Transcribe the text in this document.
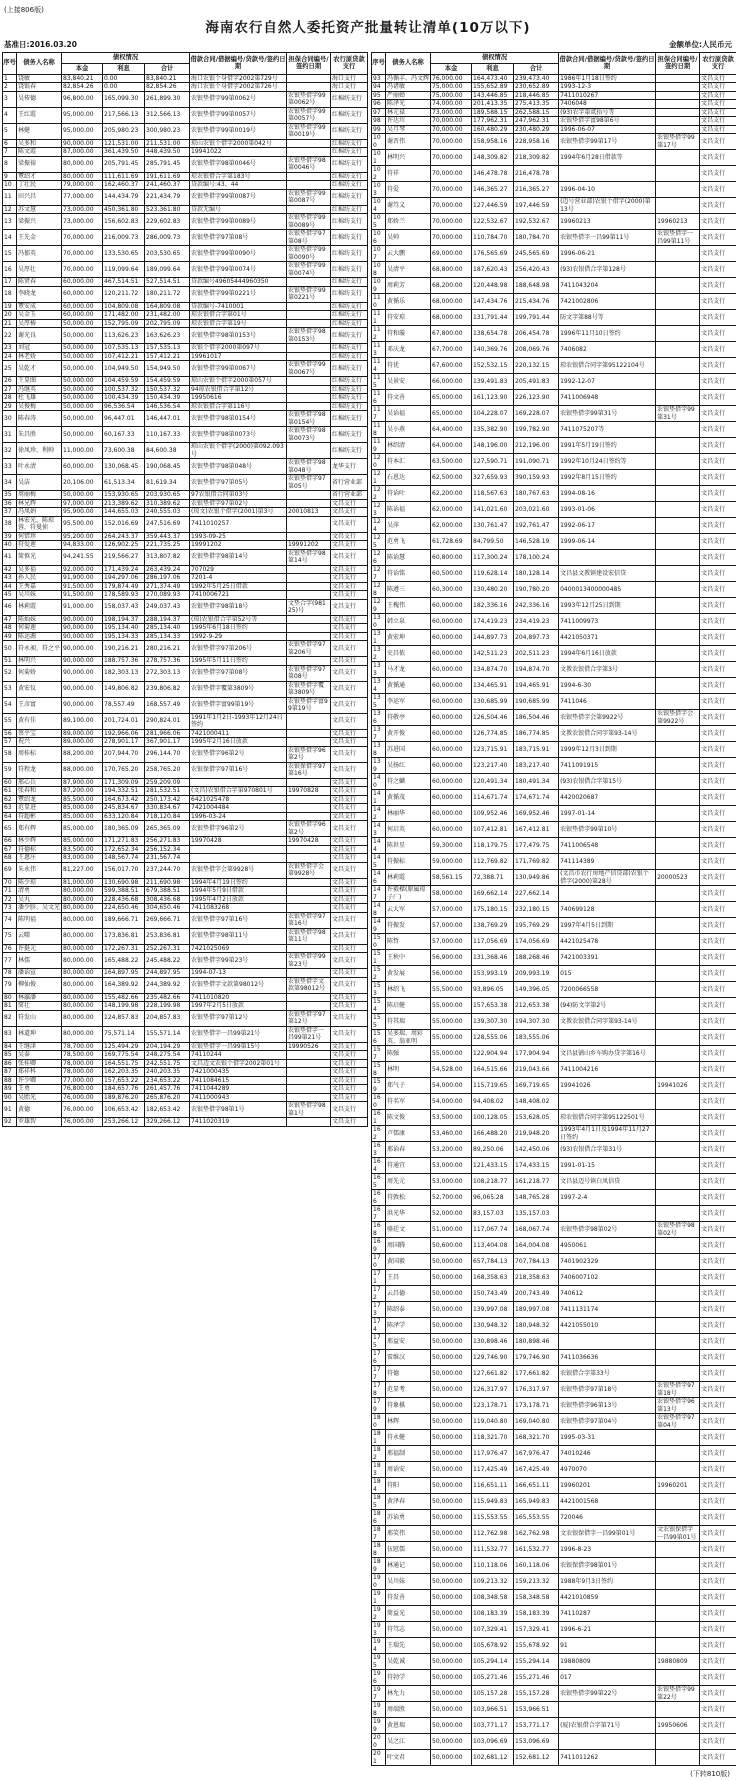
(上接806版)
海南农行自然人委托资产批量转让清单(10万以下)
基准日:2016.03.20	金额单位:人民币元
序号	债务人名称	债权情况			借款合同/借据编号/贷款号/签约日期	担保合同编号/签约日期	农行原贷款支行
		本金	利息	合计			
1	饶敏	83,840.21	0.00	83,840.21	海口农银个身借字2002第729号		海口支行
2	饶银春	82,854.26	0.00	82,854.26	海口农银个身借字2002第726号		海口支行
3	吴传德	96,800.00	165,099.30	261,899.30	农银垫借字99第0062号	农银垫借字99第0062号	红棉纺支行
4	王红霞	95,000.00	217,566.13	312,566.13	农银垫借字99第0057号	农银垫借字99第0057号	红棉纺支行
5	林健	95,000.00	205,980.23	300,980.23	农银垫借字99第0019号	农银垫借字99第0019号	红棉纺支行
6	吴多和	90,000.00	121,531.00	211,531.00	琼山农银个借字2000第042号		红棉纺支行
7	陈文霞	87,000.00	361,439.50	448,439.50	19941022		红棉纺支行
8	梁振裕	80,000.00	205,791.45	285,791.45	农银垫借字98第0046号	农银垫借字98第0046号	红棉纺支行
9	覃绍才	80,000.00	111,611.69	191,611.69	琼农银借合字第183号		红棉纺支行
10	丁壮民	79,000.00	162,460.37	241,460.37	贷款编号:43、44		红棉纺支行
11	田兴昌	77,000.00	144,434.79	221,434.79	农银垫借字99第0087号	农银垫借字99第0087号	红棉纺支行
12	苏文慧	73,000.00	450,361.80	523,361.80	贷款无编号		红棉纺支行
13	梁振兴	73,000.00	156,602.83	229,602.83	农银垫借字99第0089号	农银垫借字99第0089号	红棉纺支行
14	王先金	70,000.00	216,009.73	286,009.73	农银垫借字97第08号	农银垫借字97第08号	红棉纺支行
15	冯郁英	70,000.00	133,530.65	203,530.65	农银垫借字99第0090号	农银垫借字99第0090号	红棉纺支行
16	吴厚壮	70,000.00	119,099.64	189,099.64	农银垫借字99第0074号	农银垫借字99第0074号	红棉纺支行
17	陈贤春	60,000.00	467,514.51	527,514.51	贷款编号49605444960350		红棉纺支行
18	李晓龙	60,000.00	120,211.72	180,211.72	农银垫借字99第0221号	农银垫借字99第0221号	红棉纺支行
19	覃安成	60,000.00	104,809.08	164,809.08	贷款编号-7410001		红棉纺支行
20	吴金玉	60,000.00	171,482.00	231,482.00	琼农银借合字第01号		红棉纺支行
21	吴厚椿	50,000.00	152,795.09	202,795.09	琼农银借合字第19号		红棉纺支行
22	谢光良	50,000.00	113,626.23	163,626.23	农银垫借字98第0153号	农银垫借字98第0153号	红棉纺支行
23	刘冠	50,000.00	107,535.13	157,535.13	农银个借字2000第097号		红棉纺支行
24	林老娇	50,000.00	107,412.21	157,412.21	19961017		红棉纺支行
25	吴乾才	50,000.00	104,949.50	154,949.50	农银垫借字99第0067号	农银垫借字99第0067号	红棉纺支行
26	王显图	50,000.00	104,459.59	154,459.59	琼山农银个借字2000第057号		红棉纺支行
27	冯继英	50,000.00	100,537.32	150,537.32	94琼农银借合字第12号		红棉纺支行
28	杜飞雄	50,000.00	100,434.39	150,434.39	19950616		红棉纺支行
29	吴俊梅	50,000.00	96,536.54	146,536.54	琼农银借合字第116号		红棉纺支行
30	陈春涛	50,000.00	96,447.01	146,447.01	农银垫借字98第0154号	农银垫借字98第0154号	红棉纺支行
31	朱昌胜	50,000.00	60,167.33	110,167.33	农银垫借字98第0073号	农银垫借字98第0073号	红棉纺支行
32	徐凤珍、利帅	11,000.00	73,600.38	84,600.38	琼山农银个借字(2000)第092.093号		红棉纺支行
33	叶永清	60,000.00	130,068.45	190,068.45	农银垫借字98第048号	农银垫借字98第048号	龙华支行
34	吴洁	20,106.00	61,513.34	81,619.34	农银垫借字97第05号	农银垫借字97第05号	省行营业部
35	周丽梅	50,000.00	153,930.65	203,930.65	97农银借合同第03号		省行营业部
36	林兄辉	97,000.00	213,389.62	310,389.62	农银垫借字97第02号		文昌支行
37	冯凤娟	95,900.00	144,655.03	240,555.03	(琼文)农银个借字(2001)第3号	20010813	文昌支行
38	林宏光、陈琼蓉、符曼侦	95,500.00	152,016.69	247,516.69	7411010257		文昌支行
39	何惜珍	95,200.00	264,243.37	359,443.37	1993-09-25		文昌支行
40	符爱莲	94,833.00	126,902.25	221,735.25	19991202	19991202	文昌支行
41	简慎光	94,241.55	219,566.27	313,807.82	农银垫借字98第14号	农银垫借字98第14号	文昌支行
42	吴多福	92,000.00	171,439.24	263,439.24	707029		文昌支行
43	孙人民	91,900.00	194,297.06	286,197.06	7201-4		文昌支行
44	王秀嘉	91,500.00	179,874.49	271,374.49	1992年5月25日借款		文昌支行
45	吴川妹	91,500.00	178,589.93	270,089.93	7410006721		文昌支行
46	林莉霞	91,000.00	158,037.43	249,037.43	农银垫借字98第18号	文垫合字(98125)号	文昌支行
47	陈灿妹	90,000.00	198,194.37	288,194.37	(琼)农银借合字第52号等		文昌支行
48	何菊莲	90,000.00	195,134.40	285,134.40	1995年6月18日签约		文昌支行
49	陈运源	90,000.00	195,134.33	285,134.33	1992-9-29		文昌支行
50	符永昶、符之平	90,000.00	190,216.21	280,216.21	农银垫借字97第206号	农银垫借字97第206号	文昌支行
51	林明兴	90,000.00	188,757.36	278,757.36	1995年5月11日签约		文昌支行
52	何菊娇	90,000.00	182,303.13	272,303.13	农银垫借字97第08号	农银垫借字97第08号	文昌支行
53	黄宏仪	90,000.00	149,806.82	239,806.82	农银垫借字覆第3809号	农银垫借字覆第3809号	文昌支行
54	王彦富	90,000.00	78,557.49	168,557.49	农银垫借字富99第19号	农银垫借字富99第19号	文昌支行
55	黄有佳	89,100.00	201,724.01	290,824.01	1991年1月2日-1993年12月24日签约		文昌支行
56	蔡平宝	89,000.00	192,966.06	281,966.06	7421000411		文昌支行
57	祝兴	89,000.00	278,901.17	367,901.17	1995年2月16日放款		文昌支行
58	周桂标	88,200.00	207,944.70	296,144.70	农银垫借字96第2号	农银垫借字96第2号	文昌支行
59	符程龙	88,000.00	170,765.20	258,765.20	农银保借字97第16号	农银保借字97第16号	文昌支行
60	邢心兵	87,900.00	171,309.09	259,209.09			文昌支行
61	张春和	87,200.00	194,332.51	281,532.51	(文昌)农银借合字第970801号	19970828	文昌支行
62	覃绍龙	85,500.00	164,673.42	250,173.42	6421025478		文昌支行
63	范显进	85,000.00	245,834.67	330,834.67	7421004484		文昌支行
64	符超彬	85,000.00	633,120.84	718,120.84	1996-03-24		文昌支行
65	郑有辉	85,000.00	180,365.09	265,365.09	农银垫借字96第2号	农银垫借字96第2号	文昌支行
66	林少辉	85,000.00	171,271.83	256,271.83	19970428	19970428	文昌支行
67	符德标	83,500.00	172,652.34	256,152.34			文昌支行
68	王惠庄	83,000.00	148,567.74	231,567.74			文昌支行
69	朱永伟	81,227.00	156,017.70	237,244.70	农银垫借字会第9928号	农银垫借字会第9928号	文昌支行
70	陈少琼	81,000.00	130,690.98	211,690.98	1994年4月19日签约		文昌支行
71	清勇	80,000.00	599,388.51	679,388.51	1994年5月9日借款		文昌支行
72	吴丸	80,000.00	228,436.68	308,436.68	1995年4月2日放款		文昌支行
73	潘少胗、吴文光	80,000.00	224,650.46	304,650.46	7411083268		文昌支行
74	陈明福	80,000.00	189,666.71	269,666.71	农银垫借字97第16号	农银垫借字97第16号	文昌支行
75	云曙	80,000.00	173,836.81	253,836.81	农银垫借字98第11号	农银垫借字98第11号	文昌支行
76	许挺元	80,000.00	172,267.31	252,267.31	7421025069		文昌支行
77	林儒	80,000.00	165,488.22	245,488.22	农银垫借字99第23号	农银垫借字99第23号	文昌支行
78	潘诒宣	80,000.00	164,897.95	244,897.95	1994-07-13		文昌支行
79	柳仙俊	80,000.00	164,389.92	244,389.92	农银垫借字文款第98012号	农银垫借字文款第98012号	文昌支行
80	林瀛潘	80,000.00	155,482.66	235,482.66	7411010820		文昌支行
81	简壮	80,000.00	148,199.98	228,199.98	1997年2月5日放款		文昌支行
82	符发山	80,000.00	124,857.83	204,857.83	农银垫借字97第12号	农银垫借字97第12号	文昌支行
83	林道坤	80,000.00	75,571.14	155,571.14	农银垫借字一昌99第21号	农银垫借字一昌99第21号	文昌支行
84	王继津	78,700.00	125,494.29	204,194.29	农银垫借字一昌99第15号	19990526	文昌支行
85	吴泰	78,500.00	169,775.54	248,275.54	74110244		文昌支行
86	张桂卿	78,000.00	164,551.75	242,551.75	文昌迈文农银个借字2002第01号		文昌支行
87	郑祥科	78,000.00	162,203.35	240,203.35	7421000435		文昌支行
88	许少卿	77,000.00	157,653.22	234,653.22	7411084615		文昌支行
89	王勇	76,800.00	184,657.76	261,457.76	7411044289		文昌支行
90	吴胎光	76,000.00	189,876.20	265,876.20	7411000943		文昌支行
91	黄德	76,000.00	106,653.42	182,653.42	农银垫借字98第1号	农银垫借字98第1号	文昌支行
92	罗雄智	76,000.00	253,266.12	329,266.12	7411020319		文昌支行
序号	债务人名称	债权情况			借款合同/借据编号/贷款号/签约日期	担保合同编号/签约日期	农行原贷款支行
		本金	利息	合计			
93	冯循丰、冯文辉	76,000.00	164,473.40	239,473.40	1986年1月18日签约		文昌支行
94	冯诸敏	75,000.00	155,652.89	230,652.89	1993-12-3		文昌支行
95	严丽婵	75,000.00	143,446.85	218,446.85	7411010267		文昌支行
96	陈泽光	74,000.00	201,413.35	275,413.35	7406048		文昌支行
97	林元禄	73,000.00	189,588.15	262,588.15	(93)农字第贰拾号等		文昌支行
98	许达川	70,000.00	177,962.31	247,962.31	农银垫借字富98第6号		文昌支行
99	吴月琴	70,000.00	160,480.29	230,480.29	1996-06-07		文昌支行
100	谢晋伟	70,000.00	158,958.16	228,958.16	农银垫借字99第17号	农银垫借字99第17号	文昌支行
101	林明兴	70,000.00	148,309.82	218,309.82	1994年6月28日借款等		文昌支行
102	符祥	70,000.00	146,478.78	216,478.78			文昌支行
103	符爱	70,000.00	146,365.27	216,365.27	1996-04-10		文昌支行
104	谢笃义	70,000.00	127,446.59	197,446.59	(迈号营业部)农银个借字(2000)第13号		文昌支行
105	郑娇兰	70,000.00	122,532.67	192,532.67	19960213	19960213	文昌支行
106	吴帅	70,000.00	110,784.70	180,784.70	农银垫借字一昌99第11号	农银垫借字一昌99第11号	文昌支行
107	云大鹏	69,000.00	176,565.69	245,565.69	1996-06-21		文昌支行
108	吴清平	68,800.00	187,620.43	256,420.43	(93)农银借合字第128号		文昌支行
109	周莉芳	68,200.00	120,448.98	188,648.98	7411043204		文昌支行
110	黄循乐	68,000.00	147,434.76	215,434.76	7421002806		文昌支行
111	符安琼	68,000.00	131,791.44	199,791.44	防文字第88号等		文昌支行
112	符和璇	67,800.00	138,654.78	206,454.78	1996年11月10日签约		文昌支行
113	邓庆龙	67,700.00	140,369.76	208,069.76	7406082		文昌支行
114	符优	67,600.00	152,532.15	220,132.15	琼农银借合同字第95122104号		文昌支行
115	吴景安	66,000.00	139,491.83	205,491.83	1992-12-07		文昌支行
116	符文善	65,000.00	161,123.90	226,123.90	7411006948		文昌支行
117	吴诒福	65,000.00	104,228.07	169,228.07	农银垫借字99第31号	农银垫借字99第31号	文昌支行
118	吴小燕	64,400.00	135,382.90	199,782.90	7411075207等		文昌支行
119	林绍清	64,000.00	148,196.00	212,196.00	1991年5月19日签约		文昌支行
120	符本汇	63,500.00	127,590.71	191,090.71	1992年10月24日签约等		文昌支行
121	石恩达	62,500.00	327,659.93	390,159.93	1992年8月15日签约		文昌支行
122	符诒叶	62,200.00	118,567.63	180,767.63	1994-08-16		文昌支行
123	陈诒福	62,000.00	141,021.60	203,021.60	1993-01-06		文昌支行
124	吴萍	62,000.00	130,761.47	192,761.47	1992-06-17		文昌支行
125	范勇飞	61,728.69	84,799.50	146,528.19	1999-06-14		文昌支行
126	陈诒慧	60,800.00	117,300.24	178,100.24			文昌支行
127	符诒铭	60,500.00	119,628.14	180,128.14	文昌县文教镇建设宏信贷		文昌支行
128	陈遵三	60,300.00	130,480.20	190,780.20	0400013400000485		文昌支行
129	王槐伟	60,000.00	182,336.16	242,336.16	1993年12月25日到期		文昌支行
130	韩立泉	60,000.00	174,419.23	234,419.23	7411009973		文昌支行
131	黄宏坤	60,000.00	144,897.73	204,897.73	4421050371		文昌支行
132	史昌侬	60,000.00	142,511.23	202,511.23	1994年6月16日放款		文昌支行
133	马才龙	60,000.00	134,874.70	194,874.70	文教农银借合字第3号		文昌支行
134	黄循通	60,000.00	134,465.91	194,465.91	1994-6-30		文昌支行
135	李运军	60,000.00	130,685.99	190,685.99	7411046		文昌支行
136	符敬亭	60,000.00	126,504.46	186,504.46	农银垫借字会第9922号	农银垫借字会第9922号	文昌支行
137	黄开俊	60,000.00	126,774.85	186,774.85	文教农银借合同字第93-14号		文昌支行
138	苏进国	60,000.00	123,715.91	183,715.91	1999年12月3日到期		文昌支行
139	吴扬红	60,000.00	123,217.40	183,217.40	7411091915		文昌支行
140	符之麟	60,000.00	120,491.34	180,491.34	(93)农银借合字第15号		文昌支行
141	黄循茂	60,000.00	114,671.74	174,671.74	4420020687		文昌支行
142	林丽华	60,000.00	109,952.46	169,952.46	1997-01-14		文昌支行
143	何启英	60,000.00	107,412.81	167,412.81	农银垫借字99第10号		文昌支行
144	陈世星	59,300.00	118,179.75	177,479.75	7411006548		文昌支行
145	符振标	59,000.00	112,769.82	171,769.82	741114389		文昌支行
146	林莉霞	58,561.15	72,388.71	130,949.86	(文昌市农行房地产信贷部)农银个借字(2000)第28号	20000523	文昌支行
147	许毅樑(原属琼子厂)	58,000.00	169,662.14	227,662.14			文昌支行
148	云大军	57,000.00	175,180.15	232,180.15	740699128		文昌支行
149	符振发	57,000.00	138,769.29	195,769.29	1997年4月5日到期		文昌支行
150	陈哲	57,000.00	117,056.69	174,056.69	4421025478		文昌支行
151	王秋中	56,900.00	131,368.46	188,268.46	7421003391		文昌支行
152	黄发展	56,000.00	153,993.19	209,993.19	015		文昌支行
153	林绍飞	55,500.00	93,896.05	149,396.05	7200066558		文昌支行
154	陈启健	55,000.00	157,653.38	212,653.38	(94)防文字第2号		文昌支行
155	符其瑞	55,000.00	139,307.30	194,307.30	文教农银借合同字第93-14号		文昌支行
156	吴多瑞、周彩英、翁亚明	55,000.00	128,555.06	183,555.06			文昌支行
157	陈强	55,000.00	122,904.94	177,904.94	文昌县铺山乡车购办贷字第16号		文昌支行
158	林明	54,528.00	164,515.66	219,043.66	7411004216		文昌支行
159	郑气子	54,000.00	115,719.65	169,719.65	19941026	19941026	文昌支行
160	符名军	54,000.00	94,408.02	148,408.02			文昌支行
161	陈文俊	53,500.00	100,128.05	153,628.05	琼农银借合同字第95122501号		文昌支行
162	卢儒康	53,460.00	166,488.20	219,948.20	1993年4月1日及1994年11月27日签约		文昌支行
163	邢诒春	53,200.00	89,250.06	142,450.06	(93)农银借合字第31号		文昌支行
164	符通宜	53,000.00	121,433.15	174,433.15	1991-01-15		文昌支行
165	周先元	53,000.00	108,218.77	161,218.77	文昌县迈号镇白凤信贷		文昌支行
166	符敦松	52,700.00	96,065.28	148,765.28	1997-2-4		文昌支行
167	洪光华	52,000.00	83,157.03	135,157.03			文昌支行
168	骆廷文	51,000.00	117,067.74	168,067.74	农银垫借字98第02号	农银垫借字98第02号	文昌支行
169	周国腾	50,600.00	113,404.08	164,004.08	4950061		文昌支行
170	黄国毅	50,000.00	657,784.13	707,784.13	7401902329		文昌支行
171	王昌	50,000.00	168,358.63	218,358.63	7406007102		文昌支行
172	云昌德	50,000.00	150,743.49	200,743.49	740612		文昌支行
173	陈绍泰	50,000.00	139,997.08	189,997.08	7411131174		文昌支行
174	陈泽学	50,000.00	130,948.32	180,948.32	4421055010		文昌支行
175	邢益安	50,000.00	130,898.46	180,898.46			文昌支行
176	雷维汉	50,000.00	129,746.90	179,746.90	7411036636		文昌支行
177	符德	50,000.00	127,661.82	177,661.82	农银借合字第33号		文昌支行
178	范显考	50,000.00	126,317.97	176,317.97	农银垫借字97第18号	农银垫借字97第18号	文昌支行
179	符象棋	50,000.00	123,178.71	173,178.71	农银垫借字96第13号	农银垫借字96第13号	文昌支行
180	林辉	50,000.00	119,040.80	169,040.80	农银垫借字97第04号	农银垫借字97第04号	文昌支行
181	符永健	50,000.00	118,321.70	168,321.70	1995-03-31		文昌支行
182	邢福制	50,000.00	117,976.47	167,976.47	74010246		文昌支行
183	周诒安	50,000.00	117,425.49	167,425.49	4970070		文昌支行
184	符阳	50,000.00	116,651.11	166,651.11	19960201	19960201	文昌支行
185	黄泽春	50,000.00	115,949.83	165,949.83	4421001568		文昌支行
186	苏诒勇	50,000.00	115,553.55	165,553.55	720046		文昌支行
187	邢笑伟	50,000.00	112,762.98	162,762.98	文农银保借字一昌99第01号	文农银保借字一昌99第01号	文昌支行
188	伍慰儒	50,000.00	111,532.77	161,532.77	1996-8-23		文昌支行
189	林通记	50,000.00	110,118.06	160,118.06	农银保借字98第01号		文昌支行
190	吴川妹	50,000.00	109,213.32	159,213.32	1988年9月3日签约		文昌支行
191	符发善	50,000.00	108,348.58	158,348.58	4421010859		文昌支行
192	简益光	50,000.00	108,183.39	158,183.39	74110287		文昌支行
193	符笃志	50,000.00	107,329.41	157,329.41	1996-6-21		文昌支行
194	王瑞先	50,000.00	105,678.92	155,678.92	91		文昌支行
195	吴乾诚	50,000.00	105,294.14	155,294.14	19880809	19880809	文昌支行
196	符勃学	50,000.00	105,271.46	155,271.46	017		文昌支行
197	林允力	50,000.00	105,157.28	155,157.28	农银垫借字99第22号	农银垫借字99第22号	文昌支行
198	周端胜	50,000.00	103,966.51	153,966.51			文昌支行
199	黄恩瑞	50,000.00	103,771.17	153,771.17	(厦)农银借合字第71号	19950606	文昌支行
200	吴之江	50,000.00	103,096.69	153,096.69			文昌支行
201	叶文君	50,000.00	102,681.12	152,681.12	7411011262		文昌支行
(下转810版)
